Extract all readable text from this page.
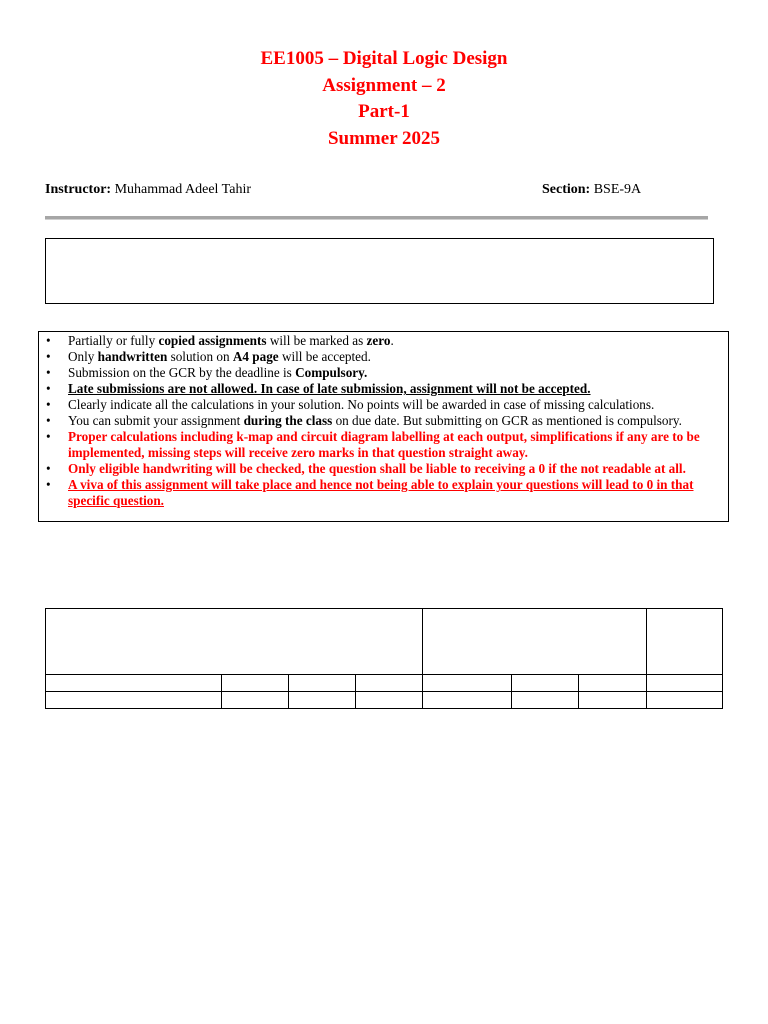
EE1005 – Digital Logic Design
Assignment – 2
Part-1
Summer 2025
Instructor: Muhammad Adeel Tahir	Section: BSE-9A
• Partially or fully copied assignments will be marked as zero.
• Only handwritten solution on A4 page will be accepted.
• Submission on the GCR by the deadline is Compulsory.
• Late submissions are not allowed. In case of late submission, assignment will not be accepted.
• Clearly indicate all the calculations in your solution. No points will be awarded in case of missing calculations.
• You can submit your assignment during the class on due date. But submitting on GCR as mentioned is compulsory.
• Proper calculations including k-map and circuit diagram labelling at each output, simplifications if any are to be implemented, missing steps will receive zero marks in that question straight away.
• Only eligible handwriting will be checked, the question shall be liable to receiving a 0 if the not readable at all.
• A viva of this assignment will take place and hence not being able to explain your questions will lead to 0 in that specific question.
